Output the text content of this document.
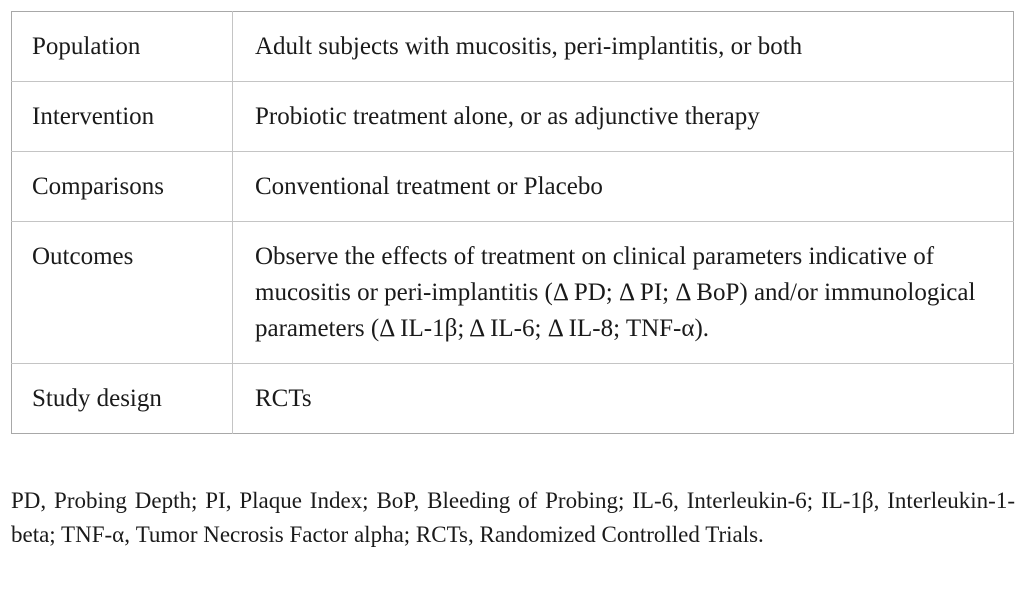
Population	Adult subjects with mucositis, peri-implantitis, or both
Intervention	Probiotic treatment alone, or as adjunctive therapy
Comparisons	Conventional treatment or Placebo
Outcomes	Observe the effects of treatment on clinical parameters indicative of mucositis or peri-implantitis (Δ PD; Δ PI; Δ BoP) and/or immunological parameters (Δ IL-1β; Δ IL-6; Δ IL-8; TNF-α).
Study design	RCTs

PD, Probing Depth; PI, Plaque Index; BoP, Bleeding of Probing; IL-6, Interleukin-6; IL-1β, Interleukin-1-beta; TNF-α, Tumor Necrosis Factor alpha; RCTs, Randomized Controlled Trials.
